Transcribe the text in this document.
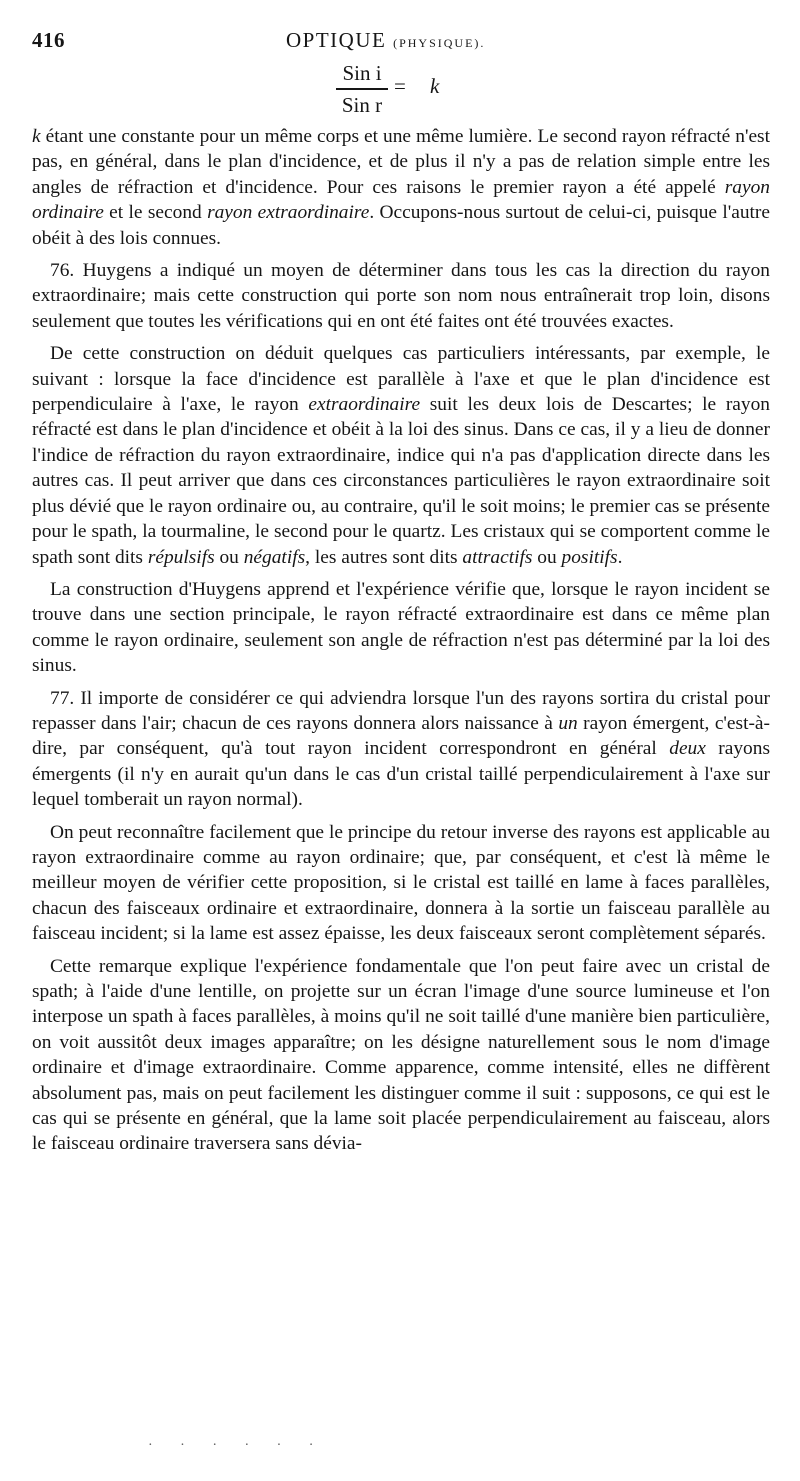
416	OPTIQUE (PHYSIQUE).
Sin i
Sin r
= k

k étant une constante pour un même corps et une même lumière. Le second rayon réfracté n'est pas, en général, dans le plan d'incidence, et de plus il n'y a pas de relation simple entre les angles de réfraction et d'incidence. Pour ces raisons le premier rayon a été appelé rayon ordinaire et le second rayon extraordinaire. Occupons-nous surtout de celui-ci, puisque l'autre obéit à des lois connues.

76. Huygens a indiqué un moyen de déterminer dans tous les cas la direction du rayon extraordinaire; mais cette construction qui porte son nom nous entraînerait trop loin, disons seulement que toutes les vérifications qui en ont été faites ont été trouvées exactes.

De cette construction on déduit quelques cas particuliers intéressants, par exemple, le suivant : lorsque la face d'incidence est parallèle à l'axe et que le plan d'incidence est perpendiculaire à l'axe, le rayon extraordinaire suit les deux lois de Descartes; le rayon réfracté est dans le plan d'incidence et obéit à la loi des sinus. Dans ce cas, il y a lieu de donner l'indice de réfraction du rayon extraordinaire, indice qui n'a pas d'application directe dans les autres cas. Il peut arriver que dans ces circonstances particulières le rayon extraordinaire soit plus dévié que le rayon ordinaire ou, au contraire, qu'il le soit moins; le premier cas se présente pour le spath, la tourmaline, le second pour le quartz. Les cristaux qui se comportent comme le spath sont dits répulsifs ou négatifs, les autres sont dits attractifs ou positifs.

La construction d'Huygens apprend et l'expérience vérifie que, lorsque le rayon incident se trouve dans une section principale, le rayon réfracté extraordinaire est dans ce même plan comme le rayon ordinaire, seulement son angle de réfraction n'est pas déterminé par la loi des sinus.

77. Il importe de considérer ce qui adviendra lorsque l'un des rayons sortira du cristal pour repasser dans l'air; chacun de ces rayons donnera alors naissance à un rayon émergent, c'est-à-dire, par conséquent, qu'à tout rayon incident correspondront en général deux rayons émergents (il n'y en aurait qu'un dans le cas d'un cristal taillé perpendiculairement à l'axe sur lequel tomberait un rayon normal).

On peut reconnaître facilement que le principe du retour inverse des rayons est applicable au rayon extraordinaire comme au rayon ordinaire; que, par conséquent, et c'est là même le meilleur moyen de vérifier cette proposition, si le cristal est taillé en lame à faces parallèles, chacun des faisceaux ordinaire et extraordinaire, donnera à la sortie un faisceau parallèle au faisceau incident; si la lame est assez épaisse, les deux faisceaux seront complètement séparés.

Cette remarque explique l'expérience fondamentale que l'on peut faire avec un cristal de spath; à l'aide d'une lentille, on projette sur un écran l'image d'une source lumineuse et l'on interpose un spath à faces parallèles, à moins qu'il ne soit taillé d'une manière bien particulière, on voit aussitôt deux images apparaître; on les désigne naturellement sous le nom d'image ordinaire et d'image extraordinaire. Comme apparence, comme intensité, elles ne diffèrent absolument pas, mais on peut facilement les distinguer comme il suit : supposons, ce qui est le cas qui se présente en général, que la lame soit placée perpendiculairement au faisceau, alors le faisceau ordinaire traversera sans dévia-

· · · · · ·
